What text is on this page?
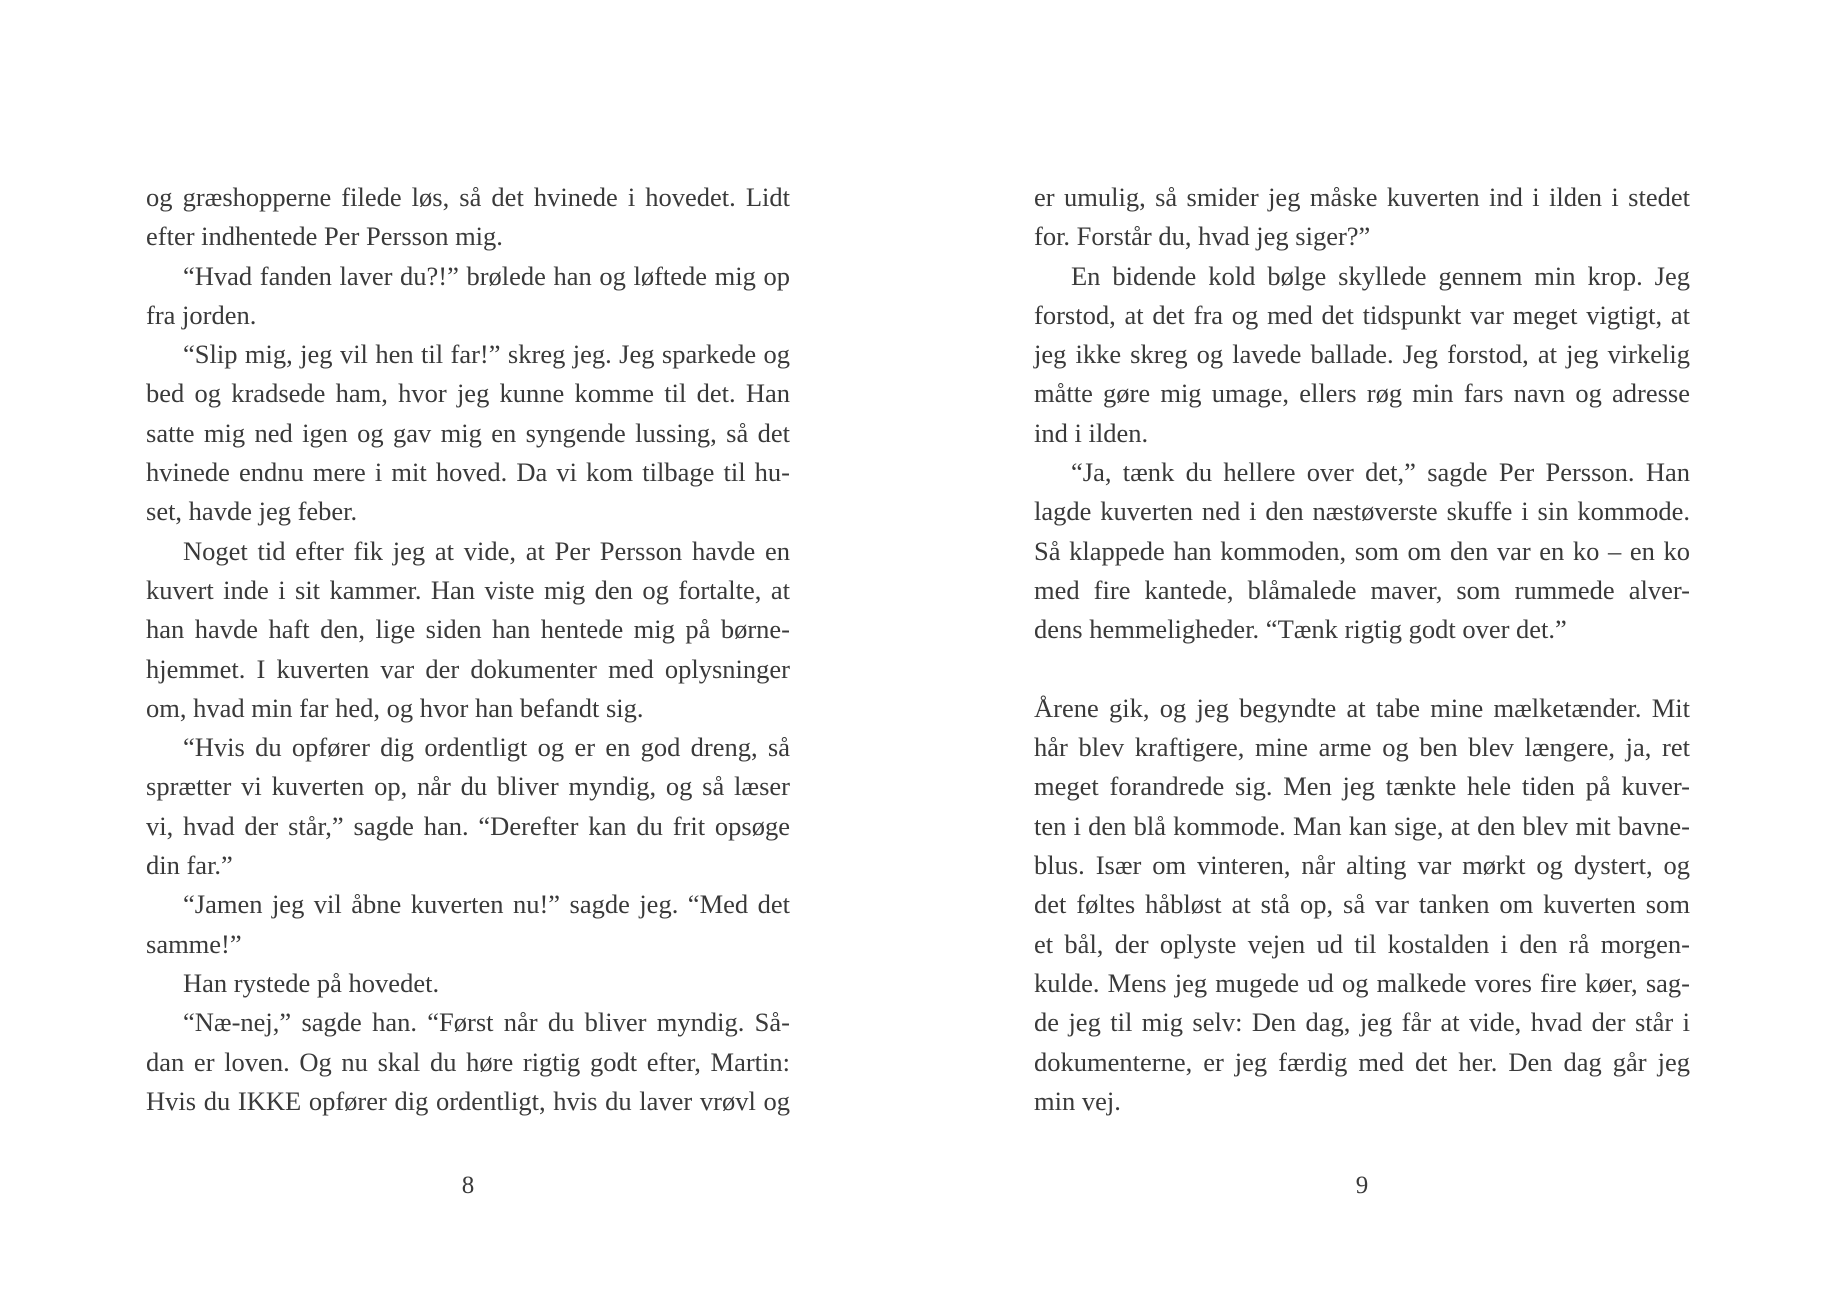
og græshopperne filede løs, så det hvinede i hovedet. Lidt
efter indhentede Per Persson mig.
“Hvad fanden laver du?!” brølede han og løftede mig op
fra jorden.
“Slip mig, jeg vil hen til far!” skreg jeg. Jeg sparkede og
bed og kradsede ham, hvor jeg kunne komme til det. Han
satte mig ned igen og gav mig en syngende lussing, så det
hvinede endnu mere i mit hoved. Da vi kom tilbage til hu-
set, havde jeg feber.
Noget tid efter fik jeg at vide, at Per Persson havde en
kuvert inde i sit kammer. Han viste mig den og fortalte, at
han havde haft den, lige siden han hentede mig på børne-
hjemmet. I kuverten var der dokumenter med oplysninger
om, hvad min far hed, og hvor han befandt sig.
“Hvis du opfører dig ordentligt og er en god dreng, så
sprætter vi kuverten op, når du bliver myndig, og så læser
vi, hvad der står,” sagde han. “Derefter kan du frit opsøge
din far.”
“Jamen jeg vil åbne kuverten nu!” sagde jeg. “Med det
samme!”
Han rystede på hovedet.
“Næ-nej,” sagde han. “Først når du bliver myndig. Så-
dan er loven. Og nu skal du høre rigtig godt efter, Martin:
Hvis du IKKE opfører dig ordentligt, hvis du laver vrøvl og
8
er umulig, så smider jeg måske kuverten ind i ilden i stedet
for. Forstår du, hvad jeg siger?”
En bidende kold bølge skyllede gennem min krop. Jeg
forstod, at det fra og med det tidspunkt var meget vigtigt, at
jeg ikke skreg og lavede ballade. Jeg forstod, at jeg virkelig
måtte gøre mig umage, ellers røg min fars navn og adresse
ind i ilden.
“Ja, tænk du hellere over det,” sagde Per Persson. Han
lagde kuverten ned i den næstøverste skuffe i sin kommode.
Så klappede han kommoden, som om den var en ko – en ko
med fire kantede, blåmalede maver, som rummede alver-
dens hemmeligheder. “Tænk rigtig godt over det.”
Årene gik, og jeg begyndte at tabe mine mælketænder. Mit
hår blev kraftigere, mine arme og ben blev længere, ja, ret
meget forandrede sig. Men jeg tænkte hele tiden på kuver-
ten i den blå kommode. Man kan sige, at den blev mit bavne-
blus. Især om vinteren, når alting var mørkt og dystert, og
det føltes håbløst at stå op, så var tanken om kuverten som
et bål, der oplyste vejen ud til kostalden i den rå morgen-
kulde. Mens jeg mugede ud og malkede vores fire køer, sag-
de jeg til mig selv: Den dag, jeg får at vide, hvad der står i
dokumenterne, er jeg færdig med det her. Den dag går jeg
min vej.
9
